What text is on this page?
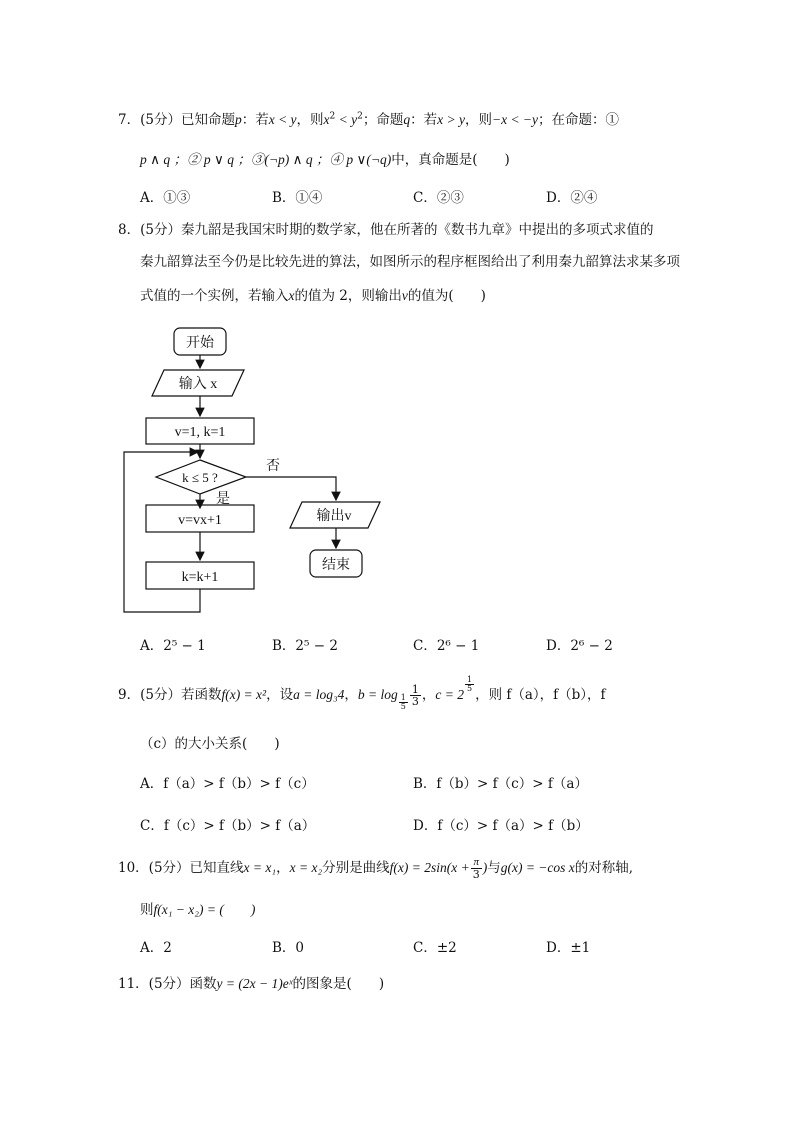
7．(5分）已知命题p：若x < y，则$x^2 < y^2$；命题q：若x > y，则−x < −y；在命题：①
p ∧ q ；② p ∨ q ；③(¬p) ∧ q ；④ p ∨(¬q)中，真命题是(　　)
A．①③	B．①④	C．②③	D．②④
8．(5分）秦九韶是我国宋时期的数学家，他在所著的《数书九章》中提出的多项式求值的
秦九韶算法至今仍是比较先进的算法，如图所示的程序框图给出了利用秦九韶算法求某多项
式值的一个实例，若输入x的值为 2，则输出v的值为(　　)
开始
输入 x
v=1, k=1
k ≤ 5 ?
否
是
v=vx+1
k=k+1
输出v
结束
A．2⁵ − 1	B．2⁵ − 2	C．2⁶ − 1	D．2⁶ − 2
9．(5分）若函数f(x) = x²，设a = log₃4，$b = \log \frac{1}{5} \frac{1}{3}$ ，c = 2
$\frac{1}{5}$
，则 f（a），f（b），f
（c）的大小关系(　　)
A．f（a）> f（b）> f（c）	B．f（b）> f（c）> f（a）
C．f（c）> f（b）> f（a）	D．f（c）> f（a）> f（b）
10．(5分）已知直线x = x₁，x = x₂分别是曲线$f(x) = 2\sin(x + \frac{\pi}{3}$ )与g(x) = −cos x的对称轴,
则f(x₁ − x₂) = (　　)
A．2	B．0	C．±2	D．±1
11．(5分）函数y = (2x − 1)eˣ的图象是(　　)
